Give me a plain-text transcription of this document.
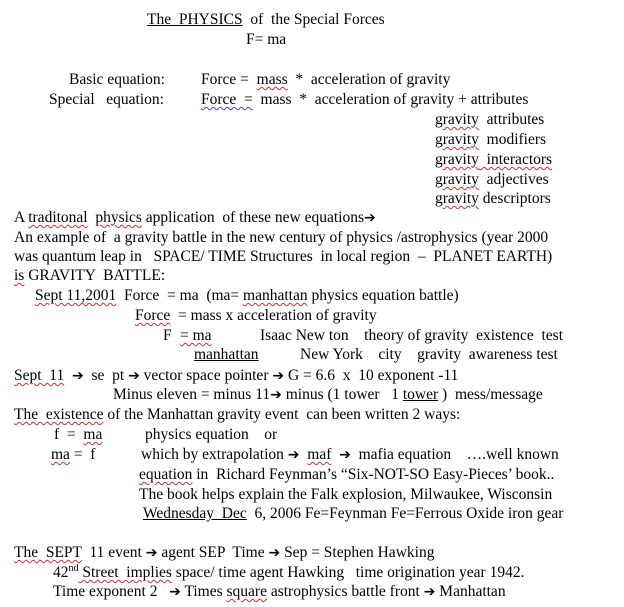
The  PHYSICS  of  the Special Forces
F= ma
Basic equation: Force =  mass  *  acceleration of gravity
Special   equation: Force  =  mass  *  acceleration of gravity + attributes
gravity  attributes
gravity  modifiers
gravity  interactors
gravity  adjectives
gravity descriptors
A traditonal physics application  of these new equations➔
An example of  a gravity battle in the new century of physics /astrophysics (year 2000
was quantum leap in   SPACE/ TIME Structures  in local region  –  PLANET EARTH)
is GRAVITY  BATTLE:
Sept 11,2001  Force  = ma  (ma= manhattan physics equation battle)
Force  = mass x acceleration of gravity
F = ma	Isaac New ton    theory of gravity  existence  test
manhattan	New York    city    gravity  awareness test
Sept  11 ➔  se  pt ➔ vector space pointer ➔ G = 6.6  x  10 exponent -11
Minus eleven = minus 11➔ minus (1 tower   1 tower )  mess/message
The  existence of the Manhattan gravity event  can been written 2 ways:
f  =  ma	physics equation    or
ma =  f	which by extrapolation ➔ maf ➔ mafia equation    ….well known
equation in  Richard Feynman’s “Six-NOT-SO Easy-Pieces’ book..
The book helps explain the Falk explosion, Milwaukee, Wisconsin
Wednesday  Dec  6, 2006 Fe=Feynman Fe=Ferrous Oxide iron gear
The  SEPT  11 event ➔ agent SEP  Time ➔ Sep = Stephen Hawking
42nd Street  implies space/ time agent Hawking   time origination year 1942.
Time exponent 2   ➔ Times square astrophysics battle front ➔ Manhattan
